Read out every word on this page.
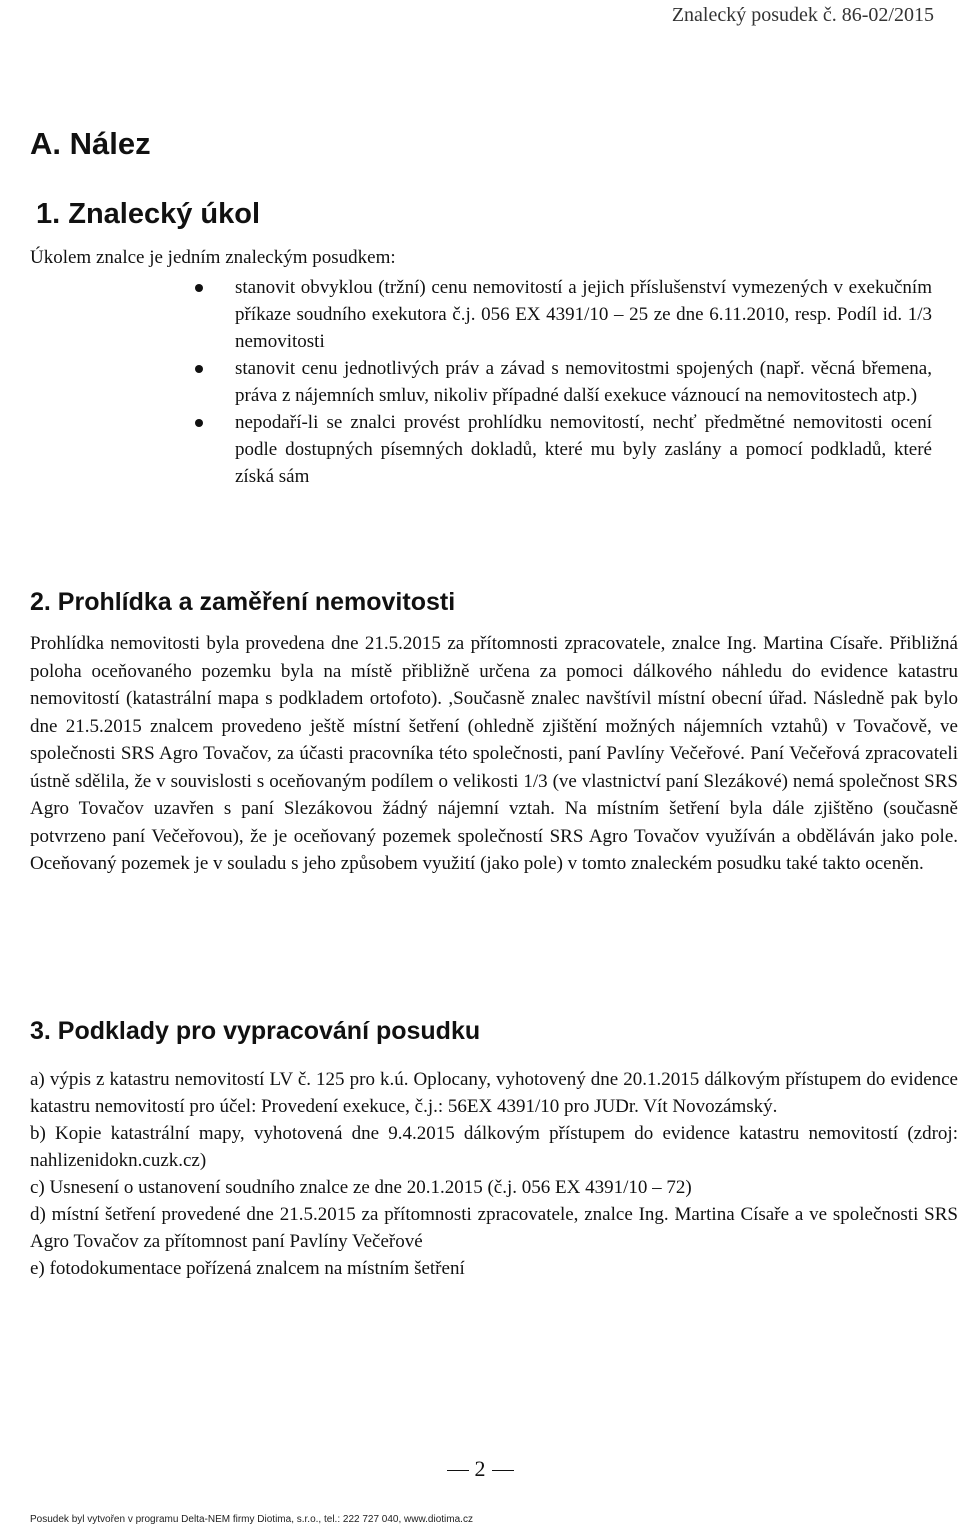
Znalecký posudek č. 86-02/2015
A. Nález
1. Znalecký úkol
Úkolem znalce je jedním znaleckým posudkem:
stanovit obvyklou (tržní) cenu nemovitostí a jejich příslušenství vymezených v exekučním příkaze soudního exekutora č.j. 056 EX 4391/10 – 25 ze dne 6.11.2010, resp. Podíl id. 1/3 nemovitosti
stanovit cenu jednotlivých práv a závad s nemovitostmi spojených (např. věcná břemena, práva z nájemních smluv, nikoliv případné další exekuce váznoucí na nemovitostech atp.)
nepodaří-li se znalci provést prohlídku nemovitostí, nechť předmětné nemovitosti ocení podle dostupných písemných dokladů, které mu byly zaslány a pomocí podkladů, které získá sám
2. Prohlídka a zaměření nemovitosti

Prohlídka nemovitosti byla provedena dne 21.5.2015 za přítomnosti zpracovatele, znalce Ing. Martina Císaře. Přibližná poloha oceňovaného pozemku byla na místě přibližně určena za pomoci dálkového náhledu do evidence katastru nemovitostí (katastrální mapa s podkladem ortofoto). ,Současně znalec navštívil místní obecní úřad. Následně pak bylo dne 21.5.2015 znalcem provedeno ještě místní šetření (ohledně zjištění možných nájemních vztahů) v Tovačově, ve společnosti SRS Agro Tovačov, za účasti pracovníka této společnosti, paní Pavlíny Večeřové. Paní Večeřová zpracovateli ústně sdělila, že v souvislosti s oceňovaným podílem o velikosti 1/3 (ve vlastnictví paní Slezákové) nemá společnost SRS Agro Tovačov uzavřen s paní Slezákovou žádný nájemní vztah. Na místním šetření byla dále zjištěno (současně potvrzeno paní Večeřovou), že je oceňovaný pozemek společností SRS Agro Tovačov využíván a obděláván jako pole. Oceňovaný pozemek je v souladu s jeho způsobem využití (jako pole) v tomto znaleckém posudku také takto oceněn.

3. Podklady pro vypracování posudku
a) výpis z katastru nemovitostí LV č. 125 pro k.ú. Oplocany, vyhotovený dne 20.1.2015 dálkovým přístupem do evidence katastru nemovitostí pro účel: Provedení exekuce, č.j.: 56EX 4391/10 pro JUDr. Vít Novozámský.
b) Kopie katastrální mapy, vyhotovená dne 9.4.2015 dálkovým přístupem do evidence katastru nemovitostí (zdroj: nahlizenidokn.cuzk.cz)
c) Usnesení o ustanovení soudního znalce ze dne 20.1.2015 (č.j. 056 EX 4391/10 – 72)
d) místní šetření provedené dne 21.5.2015 za přítomnosti zpracovatele, znalce Ing. Martina Císaře a ve společnosti SRS Agro Tovačov za přítomnost paní Pavlíny Večeřové
e) fotodokumentace pořízená znalcem na místním šetření
2
Posudek byl vytvořen v programu Delta-NEM firmy Diotima, s.r.o., tel.: 222 727 040, www.diotima.cz
